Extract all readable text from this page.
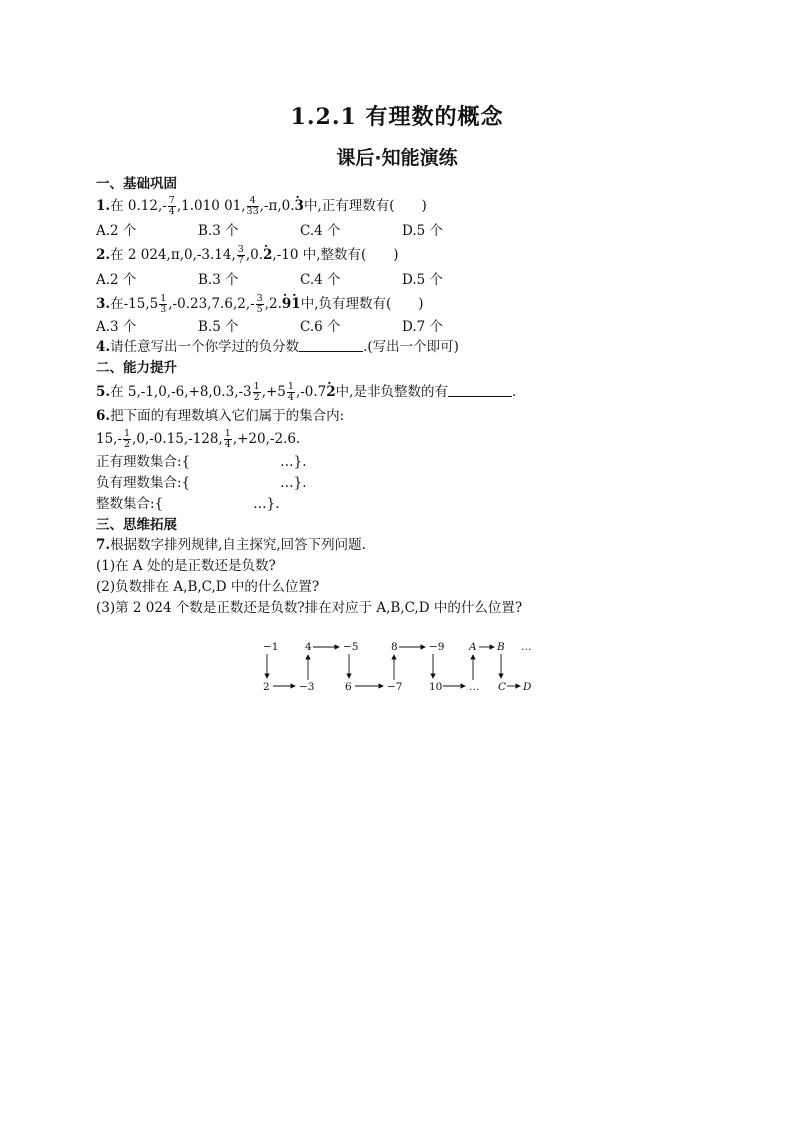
1.2.1 有理数的概念
课后·知能演练
一、基础巩固
1.在 $0.12,- \frac{7}{4} ,1.010$ 01, $\frac{4}{33} ,-\pi,0.\cdot 3$中,正有理数有(　　)
A.2 个	B.3 个	C.4 个	D.5 个
2.在 2 024,π,0,-3.14, $\frac{3}{7} ,0.\cdot 2,-10$ 中,整数有(　　)
A.2 个	B.3 个	C.4 个	D.5 个
3.在$-15,5 \frac{1}{3} ,-0.23,7.6,2,- \frac{3}{5} ,2.\cdot 9\cdot 1$中,负有理数有(　　)
A.3 个	B.5 个	C.6 个	D.7 个
4.请任意写出一个你学过的负分数	.(写出一个即可)
二、能力提升
5.在 $5,-1,0,-6,+8,0.3,-3 \frac{1}{2} ,+5 \frac{1}{4} ,-0.7\cdot 2$中,是非负整数的有	.
6.把下面的有理数填入它们属于的集合内:
$15,- \frac{1}{2} ,0,-0.15,-128$, $\frac{1}{4} ,+20,-2.6$.
正有理数集合:{	…}.
负有理数集合:{	…}.
整数集合:{	…}.
三、思维拓展
7.根据数字排列规律,自主探究,回答下列问题.
(1)在 A 处的是正数还是负数?
(2)负数排在 A,B,C,D 中的什么位置?
(3)第 2 024 个数是正数还是负数?排在对应于 A,B,C,D 中的什么位置?
−1	4	−5	8	−9 A B …
2	−3	6	−7	10	… C D
